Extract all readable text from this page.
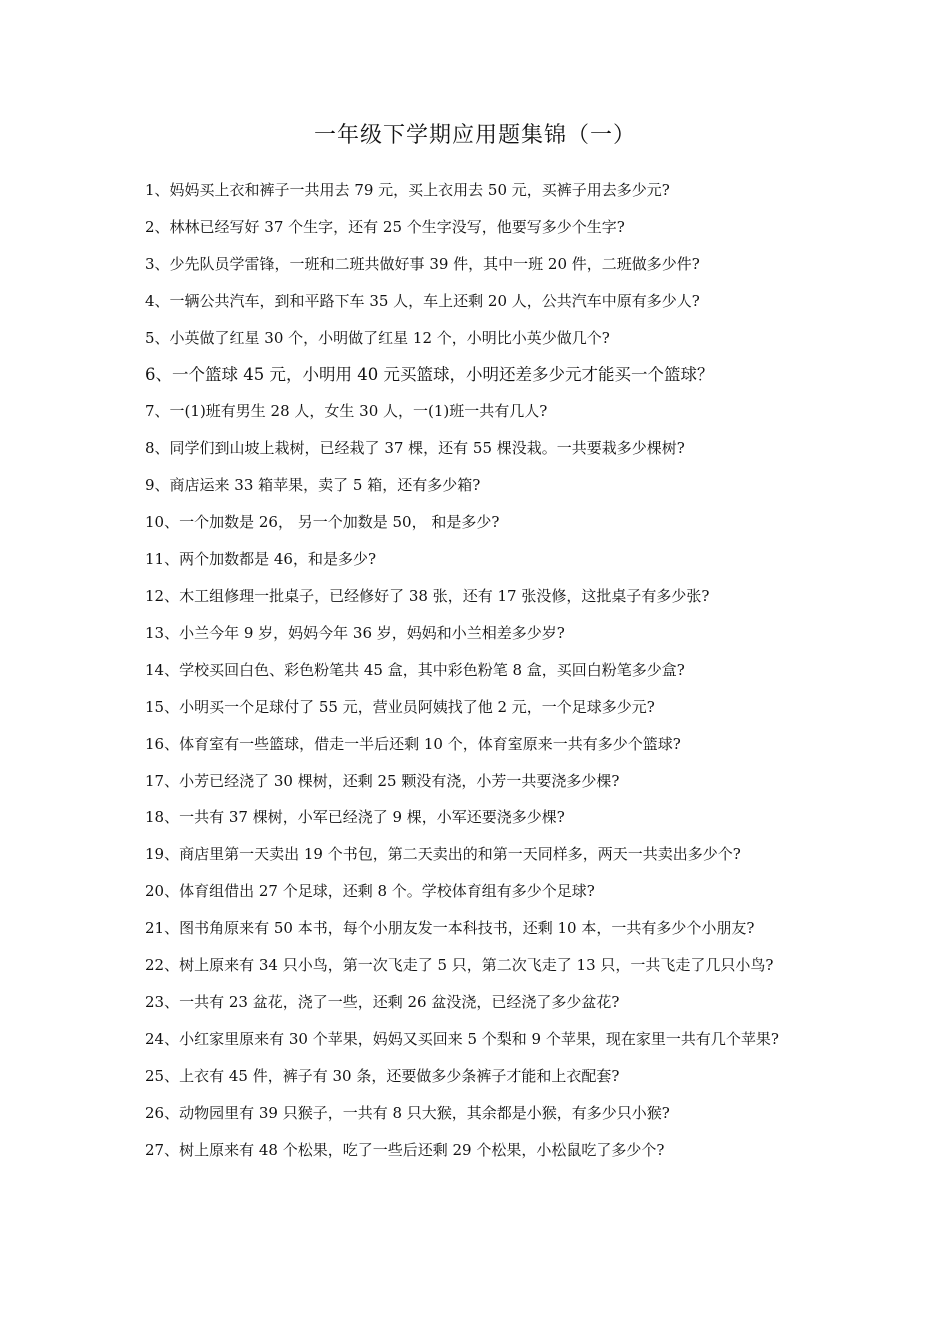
一年级下学期应用题集锦（一）
1、妈妈买上衣和裤子一共用去 79 元，买上衣用去 50 元，买裤子用去多少元?
2、林林已经写好 37 个生字，还有 25 个生字没写，他要写多少个生字?
3、少先队员学雷锋，一班和二班共做好事 39 件，其中一班 20 件，二班做多少件?
4、一辆公共汽车，到和平路下车 35 人，车上还剩 20 人，公共汽车中原有多少人?
5、小英做了红星 30 个，小明做了红星 12 个，小明比小英少做几个?
6、一个篮球 45 元，小明用 40 元买篮球，小明还差多少元才能买一个篮球？
7、一(1)班有男生 28 人，女生 30 人，一(1)班一共有几人?
8、同学们到山坡上栽树，已经栽了 37 棵，还有 55 棵没栽。一共要栽多少棵树?
9、商店运来 33 箱苹果，卖了 5 箱，还有多少箱?
10、一个加数是 26， 另一个加数是 50， 和是多少?
11、两个加数都是 46，和是多少?
12、木工组修理一批桌子，已经修好了 38 张，还有 17 张没修，这批桌子有多少张?
13、小兰今年 9 岁，妈妈今年 36 岁，妈妈和小兰相差多少岁?
14、学校买回白色、彩色粉笔共 45 盒，其中彩色粉笔 8 盒，买回白粉笔多少盒?
15、小明买一个足球付了 55 元，营业员阿姨找了他 2 元，一个足球多少元?
16、体育室有一些篮球，借走一半后还剩 10 个，体育室原来一共有多少个篮球?
17、小芳已经浇了 30 棵树，还剩 25 颗没有浇，小芳一共要浇多少棵?
18、一共有 37 棵树，小军已经浇了 9 棵，小军还要浇多少棵?
19、商店里第一天卖出 19 个书包，第二天卖出的和第一天同样多，两天一共卖出多少个?
20、体育组借出 27 个足球，还剩 8 个。学校体育组有多少个足球?
21、图书角原来有 50 本书，每个小朋友发一本科技书，还剩 10 本，一共有多少个小朋友?
22、树上原来有 34 只小鸟，第一次飞走了 5 只，第二次飞走了 13 只，一共飞走了几只小鸟?
23、一共有 23 盆花，浇了一些，还剩 26 盆没浇，已经浇了多少盆花?
24、小红家里原来有 30 个苹果，妈妈又买回来 5 个梨和 9 个苹果，现在家里一共有几个苹果?
25、上衣有 45 件，裤子有 30 条，还要做多少条裤子才能和上衣配套?
26、动物园里有 39 只猴子，一共有 8 只大猴，其余都是小猴，有多少只小猴?
27、树上原来有 48 个松果，吃了一些后还剩 29 个松果，小松鼠吃了多少个?
